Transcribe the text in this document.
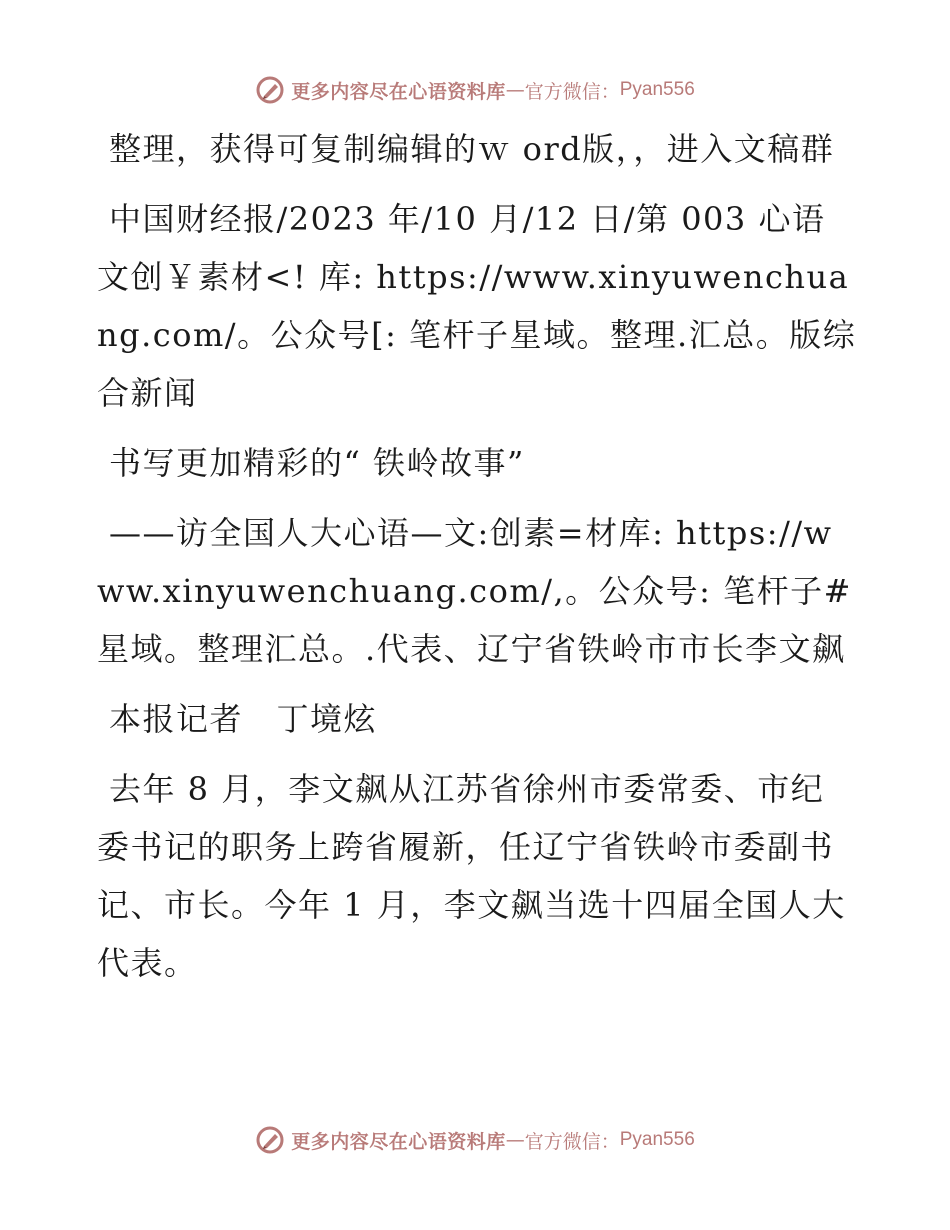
更多内容尽在心语资料库 — 官方微信： Pyan556

整理，获得可复制编辑的ｗ ord版，，进入文稿群

中国财经报/2023 年/10 月/12 日/第 003 心语文创￥素材<! 库: https://www.xinyuwenchuang.com/。公众号[: 笔杆子星域。整理.汇总。版综合新闻

书写更加精彩的“ 铁岭故事”

——访全国人大心语—文:创素=材库: https://www.xinyuwenchuang.com/,。公众号: 笔杆子#星域。整理汇总。.代表、辽宁省铁岭市市长李文飙

本报记者　丁境炫

去年 8 月，李文飙从江苏省徐州市委常委、市纪委书记的职务上跨省履新，任辽宁省铁岭市委副书记、市长。今年 1 月，李文飙当选十四届全国人大代表。

更多内容尽在心语资料库 — 官方微信： Pyan556
